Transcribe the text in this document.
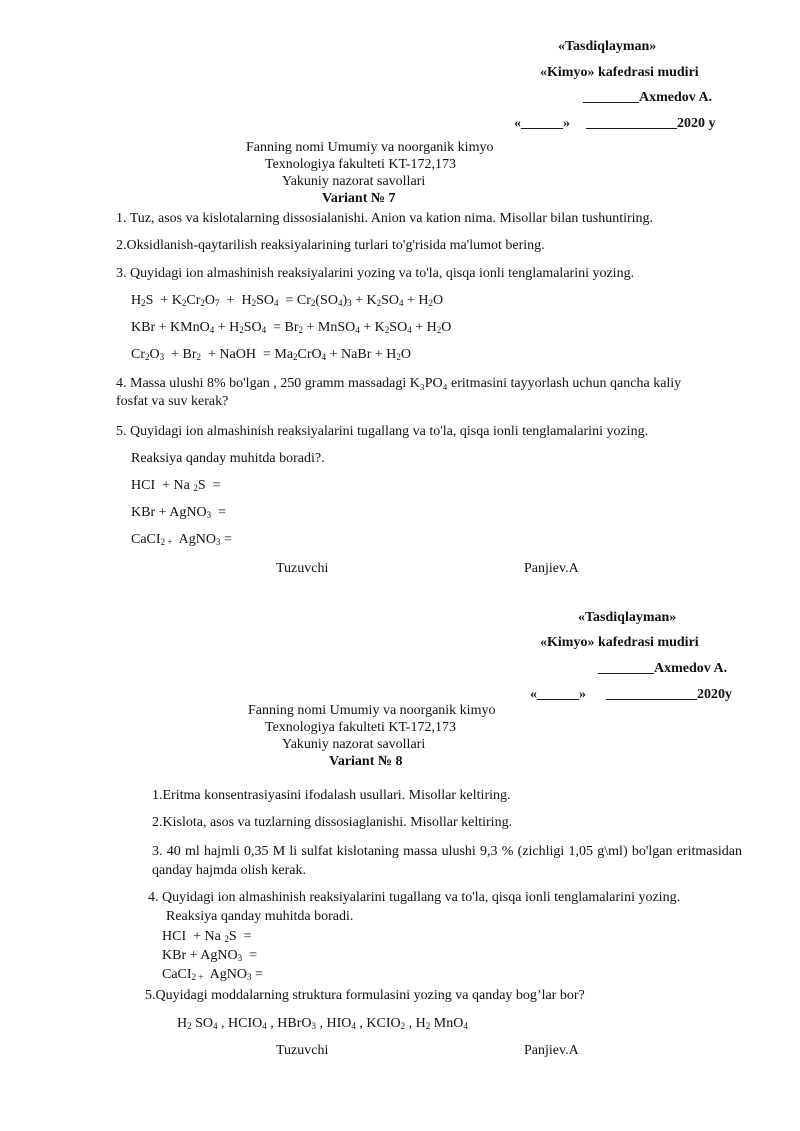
«Tasdiqlayman»
«Kimyo» kafedrasi mudiri
________Axmedov A.
«______» _____________2020 y
Fanning nomi Umumiy va noorganik kimyo
Texnologiya fakulteti KT-172,173
Yakuniy nazorat savollari
Variant № 7
1. Tuz, asos va kislotalarning dissosialanishi. Anion va kation nima. Misollar bilan tushuntiring.
2.Oksidlanish-qaytarilish reaksiyalarining turlari to'g'risida ma'lumot bering.
3. Quyidagi ion almashinish reaksiyalarini yozing va to'la, qisqa ionli tenglamalarini yozing.
$H_2S + K_2Cr_2O_7 + H_2SO_4 = Cr_2(SO_4)_3 + K_2SO_4 + H_2O$
KBr + KMnO$_4$ + $H_2SO_4 = Br_2$ + MnSO$_4$ + $K_2SO_4 + H_2O$
$Cr_2O_3 + Br_2$  + NaOH  = $Ma_2CrO_4$ + NaBr + $H_2O$
4. Massa ulushi 8% bo'lgan , 250 gramm massadagi K₃PO₄ eritmasini tayyorlash uchun qancha kaliy fosfat va suv kerak?
5. Quyidagi ion almashinish reaksiyalarini tugallang va to'la, qisqa ionli tenglamalarini yozing.
Reaksiya qanday muhitda boradi?.
HCI  + Na $_2$S  =
KBr + AgNO$_3$  =
CaCI$_{2 +}$  AgNO$_3$ =
Tuzuvchi	Panjiev.A
«Tasdiqlayman»
«Kimyo» kafedrasi mudiri
________Axmedov A.
«______» _____________2020y
Fanning nomi Umumiy va noorganik kimyo
Texnologiya fakulteti KT-172,173
Yakuniy nazorat savollari
Variant № 8
1.Eritma konsentrasiyasini ifodalash usullari. Misollar keltiring.
2.Kislota, asos va tuzlarning dissosiaglanishi. Misollar keltiring.
3. 40 ml hajmli 0,35 M li sulfat kislotaning massa ulushi 9,3 % (zichligi 1,05 g\ml) bo'lgan eritmasidan qanday hajmda olish kerak.
4. Quyidagi ion almashinish reaksiyalarini tugallang va to'la, qisqa ionli tenglamalarini yozing.
Reaksiya qanday muhitda boradi.
HCI  + Na $_2$S  =
KBr + AgNO$_3$  =
CaCI$_{2 +}$  AgNO$_3$ =
5.Quyidagi moddalarning struktura formulasini yozing va qanday bog’lar bor?
$H_2$ $SO_4$ , $HCIO_4$ , HBrO$_3$ , $HIO_4$ , $KCIO_2$ , $H_2$ MnO$_4$
Tuzuvchi	Panjiev.A
